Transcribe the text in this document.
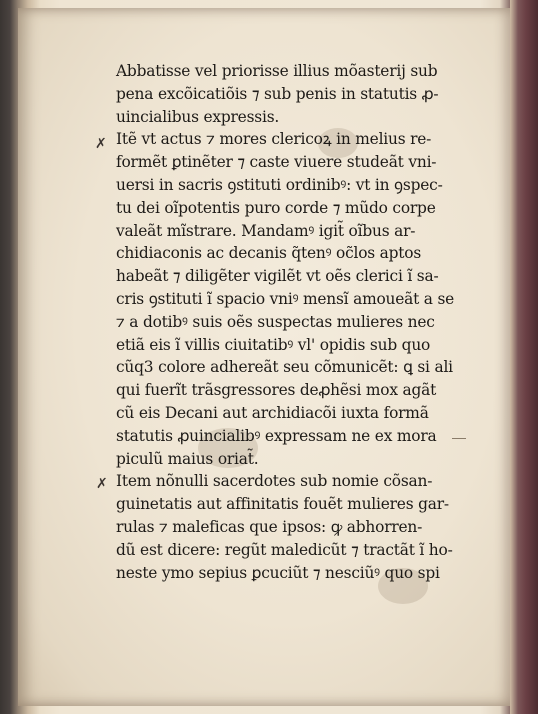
✗
✗
Abbatisse vel priorisse illius mõasterij sub
pena excõicatiõis ⁊ sub penis in statutis ꝓ-
uincialibus expressis.
Itẽ vt actus ⁊ mores clericoꝝ in melius re-
formẽt ꝑtinẽter ⁊ caste viuere studeãt vni-
uersi in sacris ꝯstituti ordinibꝰ: vt in ꝯspec-
tu dei oĩpotentis puro corde ⁊ mũdo corpe
valeãt mĩstrare. Mandamꝰ igit̃ oĩbus ar-
chidiaconis ac decanis q̃tenꝰ oc̃los aptos
habeãt ⁊ diligẽter vigilẽt vt oẽs clerici ĩ sa-
cris ꝯstituti ĩ spacio vniꝰ mensĩ amoueãt a se
⁊ a dotibꝰ suis oẽs suspectas mulieres nec
etiã eis ĩ villis ciuitatibꝰ vl' opidis sub quo
cũq3 colore adhereãt seu cõmunicẽt: ꝗ si ali
qui fuerĩt trãsgressores deꝓhẽsi mox agãt
cũ eis Decani aut archidiacõi iuxta formã
statutis ꝓuincialibꝰ expressam ne ex mora
piculũ maius oriat̃.
Item nõnulli sacerdotes sub nomie cõsan-
guinetatis aut affinitatis fouẽt mulieres gar-
rulas ⁊ maleficas que ipsos: ꝙ abhorren-
dũ est dicere: regũt maledicũt ⁊ tractãt ĩ ho-
neste ymo sepius ꝑcuciũt ⁊ nesciũꝰ quo spi
